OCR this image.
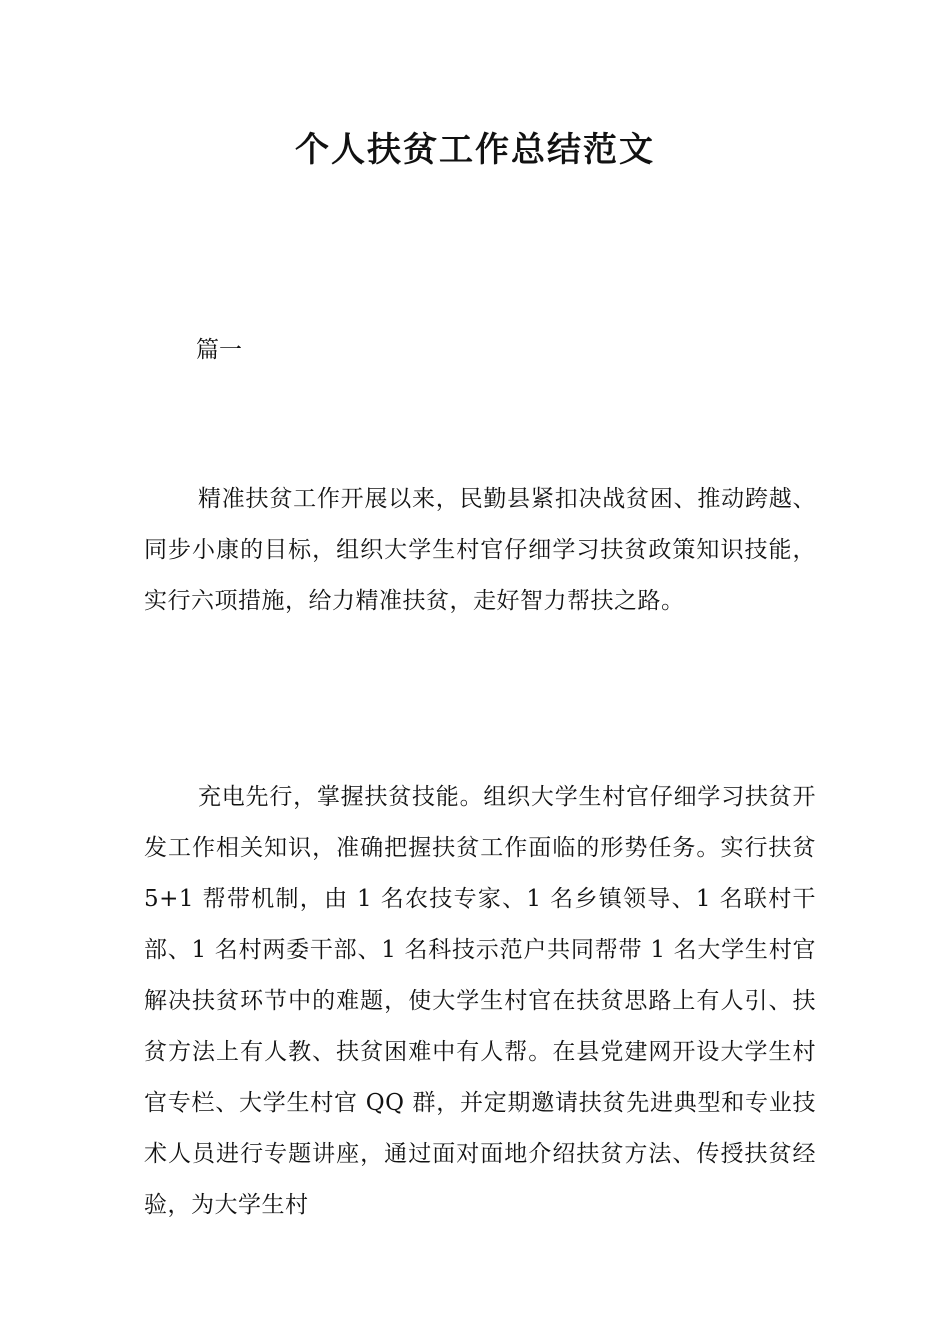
个人扶贫工作总结范文

篇一

精准扶贫工作开展以来，民勤县紧扣决战贫困、推动跨越、同步小康的目标，组织大学生村官仔细学习扶贫政策知识技能，实行六项措施，给力精准扶贫，走好智力帮扶之路。

充电先行，掌握扶贫技能。组织大学生村官仔细学习扶贫开发工作相关知识，准确把握扶贫工作面临的形势任务。实行扶贫 5+1 帮带机制，由 1 名农技专家、1 名乡镇领导、1 名联村干部、1 名村两委干部、1 名科技示范户共同帮带 1 名大学生村官解决扶贫环节中的难题，使大学生村官在扶贫思路上有人引、扶贫方法上有人教、扶贫困难中有人帮。在县党建网开设大学生村官专栏、大学生村官 QQ 群，并定期邀请扶贫先进典型和专业技术人员进行专题讲座，通过面对面地介绍扶贫方法、传授扶贫经验，为大学生村
